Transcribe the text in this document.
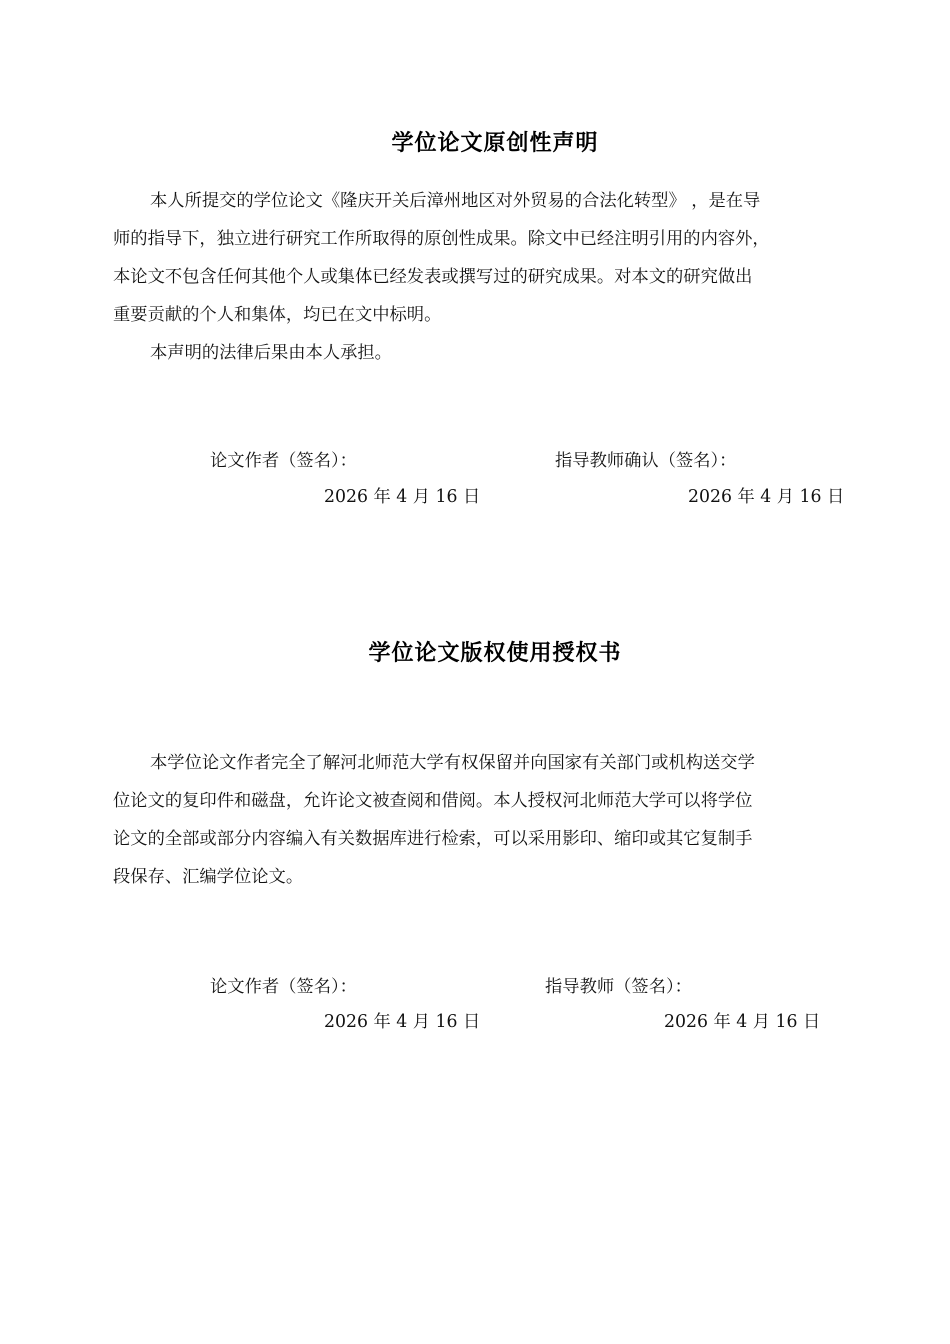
学位论文原创性声明
本人所提交的学位论文《隆庆开关后漳州地区对外贸易的合法化转型》 ，是在导
师的指导下，独立进行研究工作所取得的原创性成果。除文中已经注明引用的内容外，
本论文不包含任何其他个人或集体已经发表或撰写过的研究成果。对本文的研究做出
重要贡献的个人和集体，均已在文中标明。
本声明的法律后果由本人承担。
论文作者（签名）：	指导教师确认（签名）：
2026 年 4 月 16 日	2026 年 4 月 16 日
学位论文版权使用授权书
本学位论文作者完全了解河北师范大学有权保留并向国家有关部门或机构送交学
位论文的复印件和磁盘，允许论文被查阅和借阅。本人授权河北师范大学可以将学位
论文的全部或部分内容编入有关数据库进行检索，可以采用影印、缩印或其它复制手
段保存、汇编学位论文。
论文作者（签名）：	指导教师（签名）：
2026 年 4 月 16 日	2026 年 4 月 16 日
